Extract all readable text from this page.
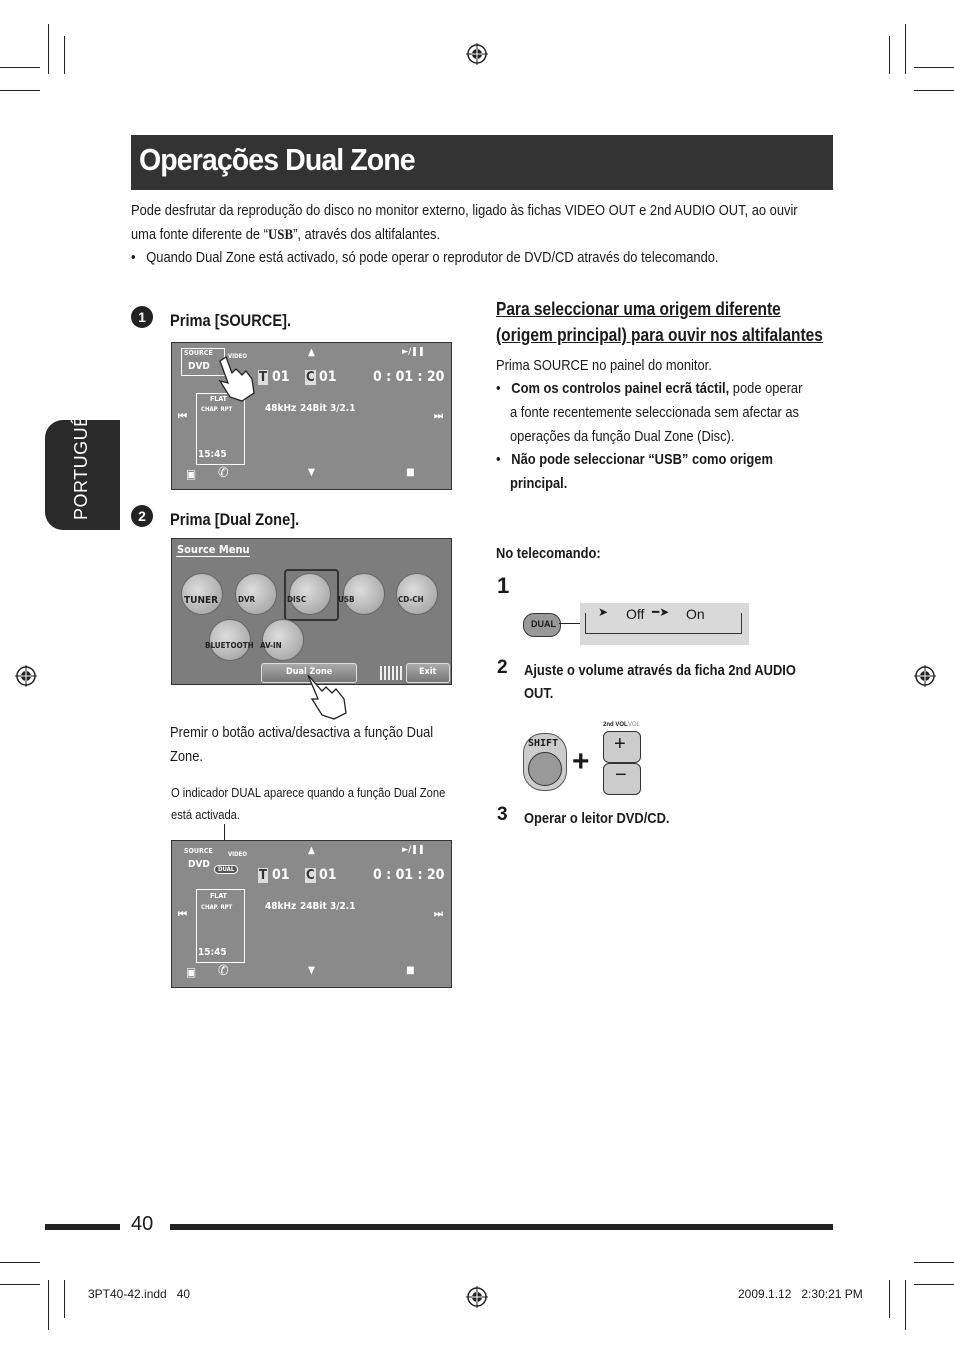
Operações Dual Zone
Pode desfrutar da reprodução do disco no monitor externo, ligado às fichas VIDEO OUT e 2nd AUDIO OUT, ao ouvir
uma fonte diferente de “USB”, através dos altifalantes.
•   Quando Dual Zone está activado, só pode operar o reprodutor de DVD/CD através do telecomando.
PORTUGUÊS
1	Prima [SOURCE].
SOURCE
DVD
VIDEO	▲	►/❚❚
T 01 C 01	0 : 01 : 20
48kHz 24Bit 3/2.1
FLAT
CHAP. RPT
15:45
⏮	⏭
▼	■
▣ ✆
2	Prima [Dual Zone].
Source Menu
TUNER DVR	DISC	USB	CD-CH
BLUETOOTH AV-IN
Dual Zone	Exit
Premir o botão activa/desactiva a função Dual
Zone.
O indicador DUAL aparece quando a função Dual Zone
está activada.
SOURCE
DVD
VIDEO
DUAL
▲	►/❚❚
T 01 C 01	0 : 01 : 20
48kHz 24Bit 3/2.1
FLAT
CHAP. RPT
15:45
⏮	⏭
▼	■
▣ ✆
Para seleccionar uma origem diferente
(origem principal) para ouvir nos altifalantes
Prima SOURCE no painel do monitor.
•   Com os controlos painel ecrã táctil, pode operar
a fonte recentemente seleccionada sem afectar as
operações da função Dual Zone (Disc).
• Não pode seleccionar “USB” como origem
principal.
No telecomando:
1
DUAL
➤ Off ━➤ On
2 Ajuste o volume através da ficha 2nd AUDIO
OUT.
SHIFT
+
2nd VOL VOL
+
−
3 Operar o leitor DVD/CD.
40
3PT40-42.indd   40	2009.1.12   2:30:21 PM
